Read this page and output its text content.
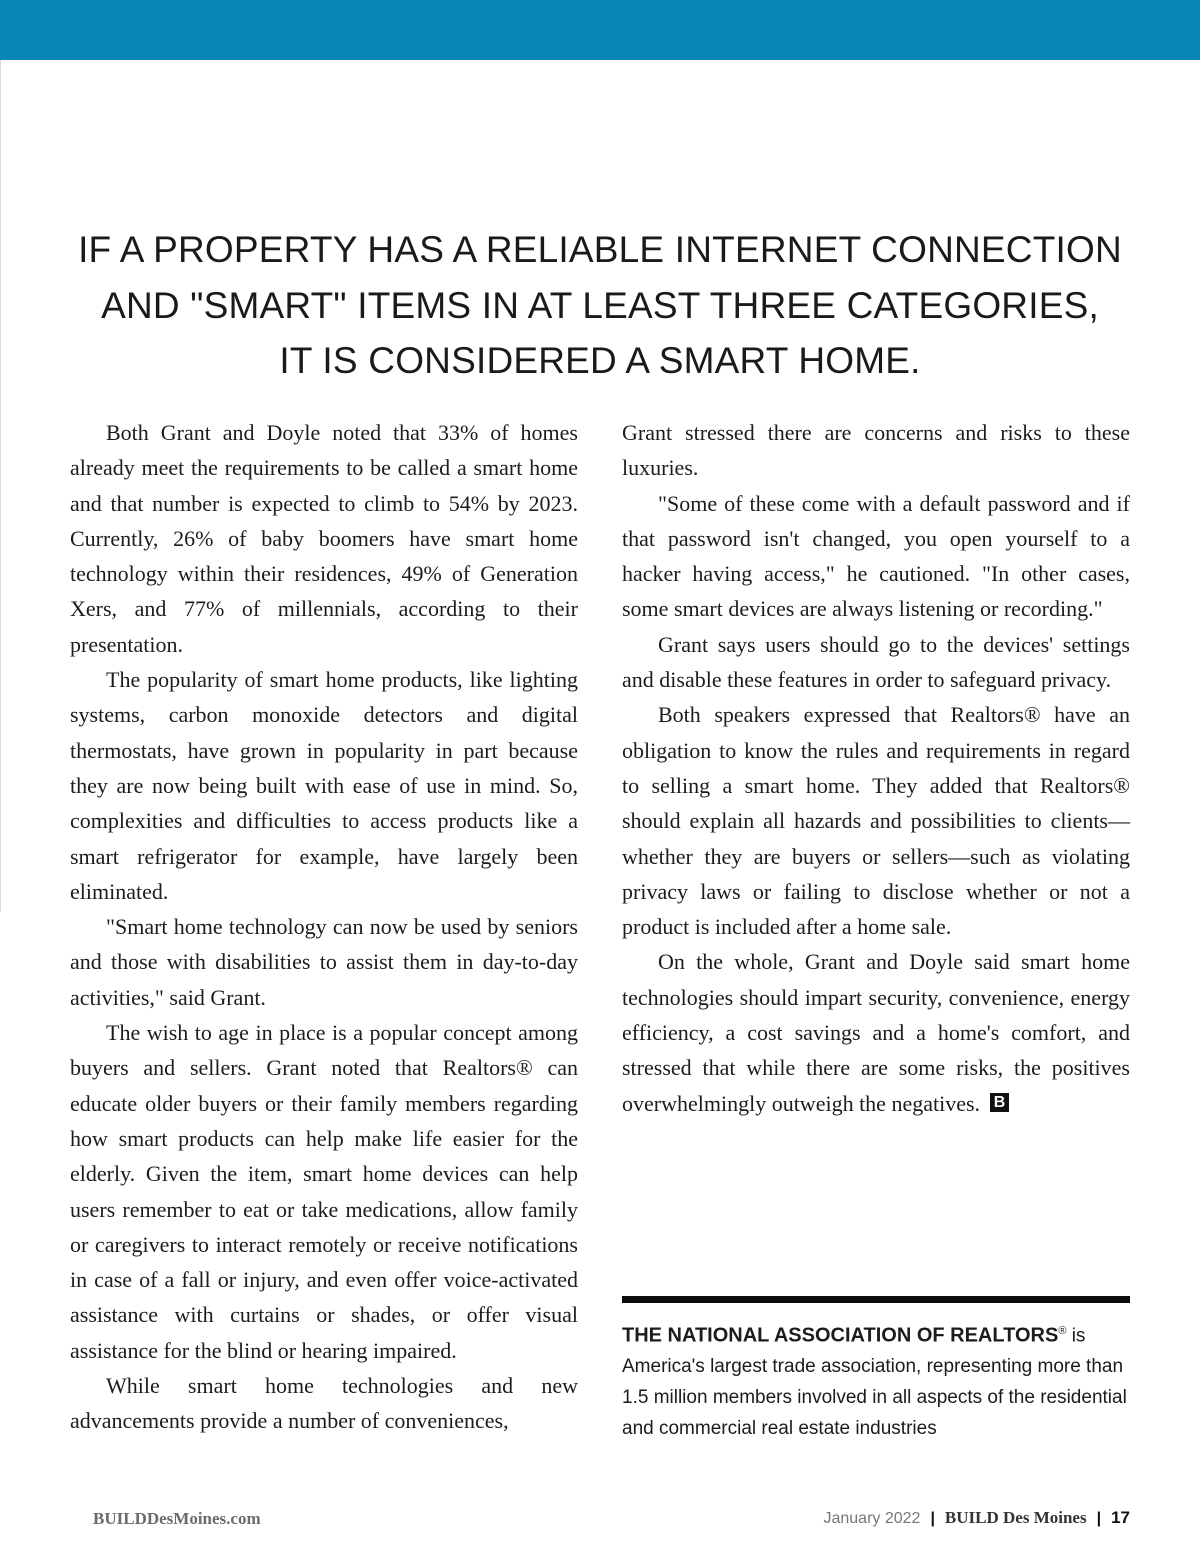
IF A PROPERTY HAS A RELIABLE INTERNET CONNECTION
AND "SMART" ITEMS IN AT LEAST THREE CATEGORIES,
IT IS CONSIDERED A SMART HOME.

Both Grant and Doyle noted that 33% of homes already meet the requirements to be called a smart home and that number is expected to climb to 54% by 2023. Currently, 26% of baby boomers have smart home technology within their residences, 49% of Generation Xers, and 77% of millennials, according to their presentation.

The popularity of smart home products, like lighting systems, carbon monoxide detectors and digital thermostats, have grown in popularity in part because they are now being built with ease of use in mind. So, complexities and difficulties to access products like a smart refrigerator for example, have largely been eliminated.

"Smart home technology can now be used by seniors and those with disabilities to assist them in day-to-day activities," said Grant.

The wish to age in place is a popular concept among buyers and sellers. Grant noted that Realtors® can educate older buyers or their family members regarding how smart products can help make life easier for the elderly. Given the item, smart home devices can help users remember to eat or take medications, allow family or caregivers to interact remotely or receive notifications in case of a fall or injury, and even offer voice-activated assistance with curtains or shades, or offer visual assistance for the blind or hearing impaired.

While smart home technologies and new advancements provide a number of conveniences,

Grant stressed there are concerns and risks to these luxuries.

"Some of these come with a default password and if that password isn't changed, you open yourself to a hacker having access," he cautioned. "In other cases, some smart devices are always listening or recording."

Grant says users should go to the devices' settings and disable these features in order to safeguard privacy.

Both speakers expressed that Realtors® have an obligation to know the rules and requirements in regard to selling a smart home. They added that Realtors® should explain all hazards and possibilities to clients—whether they are buyers or sellers—such as violating privacy laws or failing to disclose whether or not a product is included after a home sale.

On the whole, Grant and Doyle said smart home technologies should impart security, convenience, energy efficiency, a cost savings and a home's comfort, and stressed that while there are some risks, the positives overwhelmingly outweigh the negatives. B

THE NATIONAL ASSOCIATION OF REALTORS® is
America's largest trade association, representing more than 1.5 million members involved in all aspects of the residential and commercial real estate industries
BUILDDesMoines.com	January 2022 | BUILD Des Moines | 17
